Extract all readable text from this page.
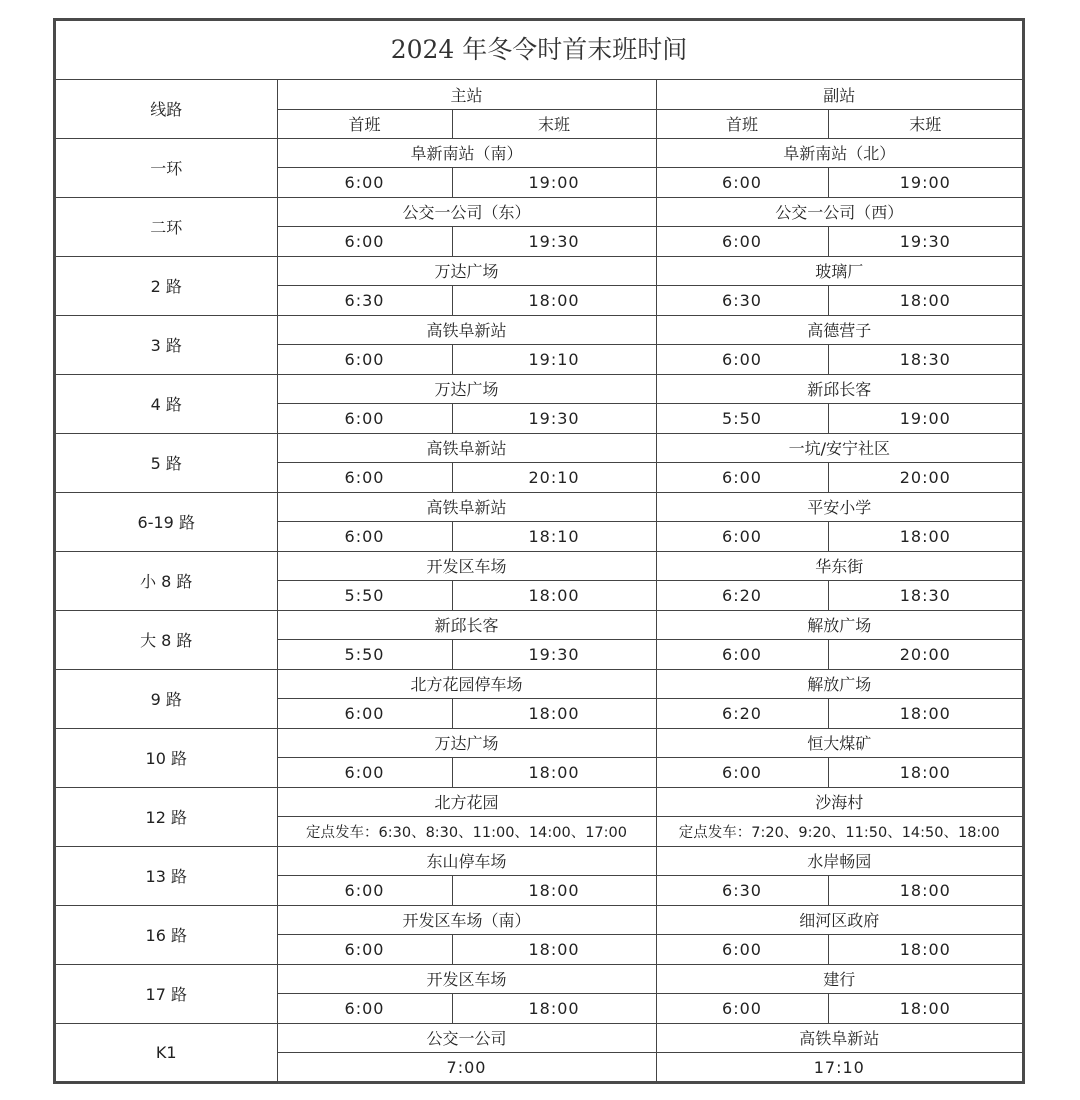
2024 年冬令时首末班时间
线路	主站		副站	
	首班	末班	首班	末班
一环	阜新南站（南）		阜新南站（北）	
	6:00	19:00	6:00	19:00
二环	公交一公司（东）		公交一公司（西）	
	6:00	19:30	6:00	19:30
2 路	万达广场		玻璃厂	
	6:30	18:00	6:30	18:00
3 路	高铁阜新站		高德营子	
	6:00	19:10	6:00	18:30
4 路	万达广场		新邱长客	
	6:00	19:30	5:50	19:00
5 路	高铁阜新站		一坑/安宁社区	
	6:00	20:10	6:00	20:00
6-19 路	高铁阜新站		平安小学	
	6:00	18:10	6:00	18:00
小 8 路	开发区车场		华东街	
	5:50	18:00	6:20	18:30
大 8 路	新邱长客		解放广场	
	5:50	19:30	6:00	20:00
9 路	北方花园停车场		解放广场	
	6:00	18:00	6:20	18:00
10 路	万达广场		恒大煤矿	
	6:00	18:00	6:00	18:00
12 路	北方花园		沙海村	
	定点发车：6:30、8:30、11:00、14:00、17:00		定点发车：7:20、9:20、11:50、14:50、18:00	
13 路	东山停车场		水岸畅园	
	6:00	18:00	6:30	18:00
16 路	开发区车场（南）		细河区政府	
	6:00	18:00	6:00	18:00
17 路	开发区车场		建行	
	6:00	18:00	6:00	18:00
K1	公交一公司		高铁阜新站	
	7:00		17:10	
